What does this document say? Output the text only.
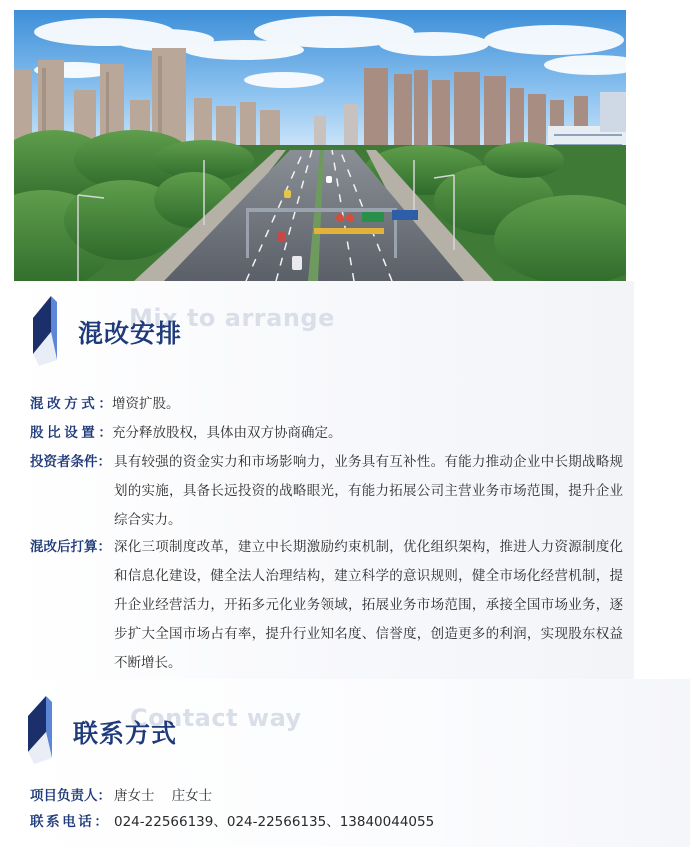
Mix to arrange
混改安排
混改方式：
增资扩股。
股比设置：
充分释放股权，具体由双方协商确定。
投资者条件： 具有较强的资金实力和市场影响力，业务具有互补性。有能力推动企业中长期战略规划的实施，具备长远投资的战略眼光，有能力拓展公司主营业务市场范围，提升企业综合实力。
混改后打算： 深化三项制度改革，建立中长期激励约束机制，优化组织架构，推进人力资源制度化和信息化建设，健全法人治理结构，建立科学的意识规则，健全市场化经营机制，提升企业经营活力，开拓多元化业务领域，拓展业务市场范围，承接全国市场业务，逐步扩大全国市场占有率，提升行业知名度、信誉度，创造更多的利润，实现股东权益不断增长。
Contact way
联系方式
项目负责人： 唐女士    庄女士
联系电话： 024-22566139、024-22566135、13840044055
